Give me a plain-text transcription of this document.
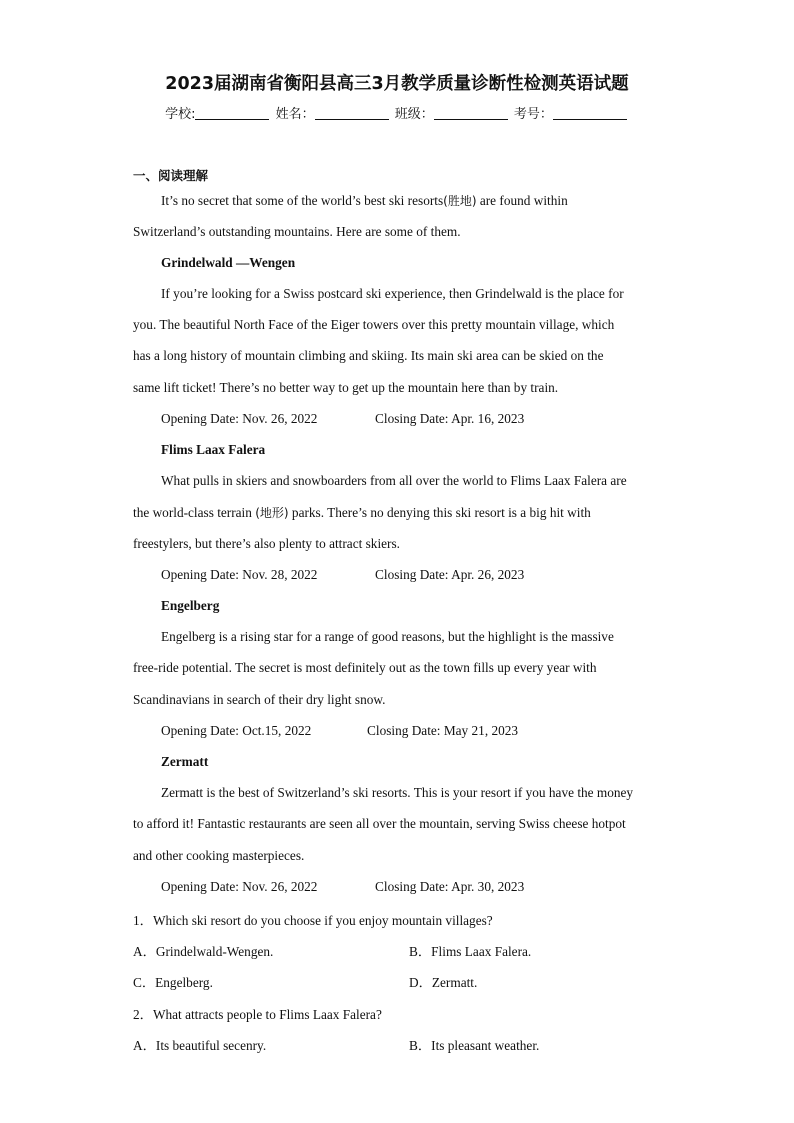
2023届湖南省衡阳县高三3月教学质量诊断性检测英语试题
学校:	姓名：	班级：	考号：
一、阅读理解
It’s no secret that some of the world’s best ski resorts(胜地) are found within
Switzerland’s outstanding mountains. Here are some of them.
Grindelwald —Wengen
If you’re looking for a Swiss postcard ski experience, then Grindelwald is the place for
you. The beautiful North Face of the Eiger towers over this pretty mountain village, which
has a long history of mountain climbing and skiing. Its main ski area can be skied on the
same lift ticket! There’s no better way to get up the mountain here than by train.
Opening Date: Nov. 26, 2022	Closing Date: Apr. 16, 2023
Flims Laax Falera
What pulls in skiers and snowboarders from all over the world to Flims Laax Falera are
the world-class terrain (地形) parks. There’s no denying this ski resort is a big hit with
freestylers, but there’s also plenty to attract skiers.
Opening Date: Nov. 28, 2022	Closing Date: Apr. 26, 2023
Engelberg
Engelberg is a rising star for a range of good reasons, but the highlight is the massive
free-ride potential. The secret is most definitely out as the town fills up every year with
Scandinavians in search of their dry light snow.
Opening Date: Oct.15, 2022	Closing Date: May 21, 2023
Zermatt
Zermatt is the best of Switzerland’s ski resorts. This is your resort if you have the money
to afford it! Fantastic restaurants are seen all over the mountain, serving Swiss cheese hotpot
and other cooking masterpieces.
Opening Date: Nov. 26, 2022	Closing Date: Apr. 30, 2023
1．Which ski resort do you choose if you enjoy mountain villages?
A．Grindelwald-Wengen.	B．Flims Laax Falera.
C．Engelberg.	D．Zermatt.
2．What attracts people to Flims Laax Falera?
A．Its beautiful secenry.	B．Its pleasant weather.
